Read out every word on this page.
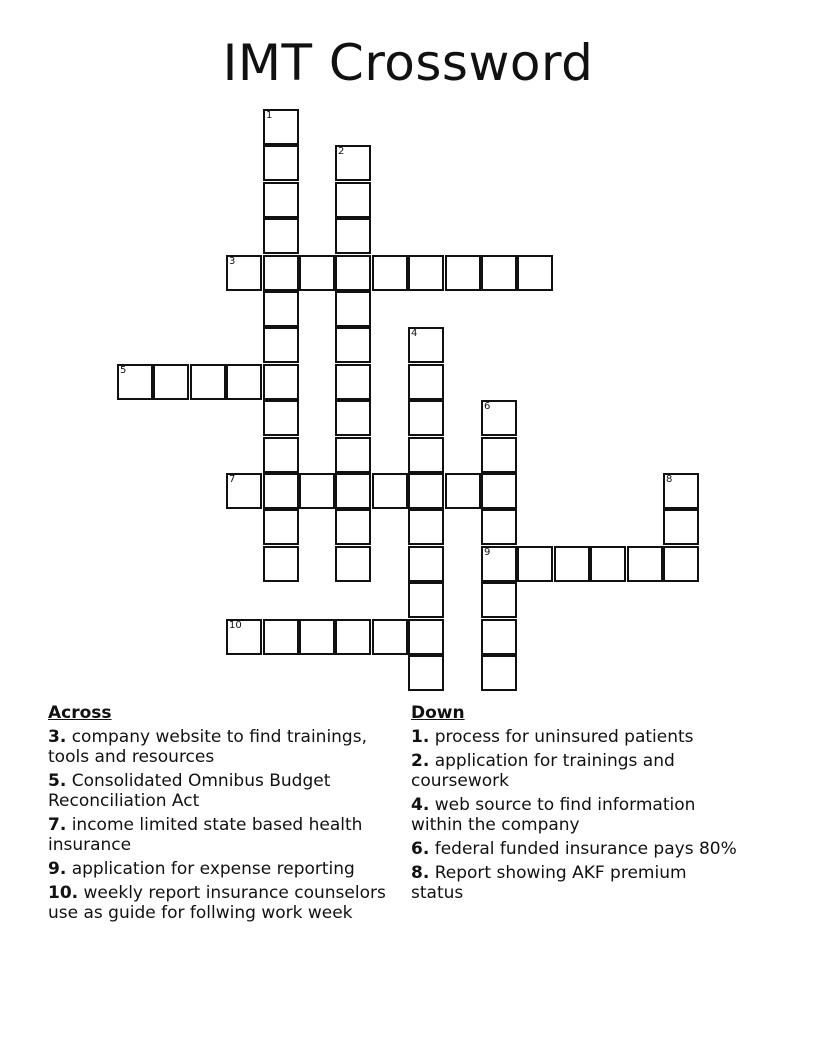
IMT Crossword
1
2
3
4
5
6
9
7	8
10
Across
3. company website to find trainings, tools and resources
5. Consolidated Omnibus Budget Reconciliation Act
7. income limited state based health insurance
9. application for expense reporting
10. weekly report insurance counselors use as guide for follwing work week
Down
1. process for uninsured patients
2. application for trainings and coursework
4. web source to find information within the company
6. federal funded insurance pays 80%
8. Report showing AKF premium status
